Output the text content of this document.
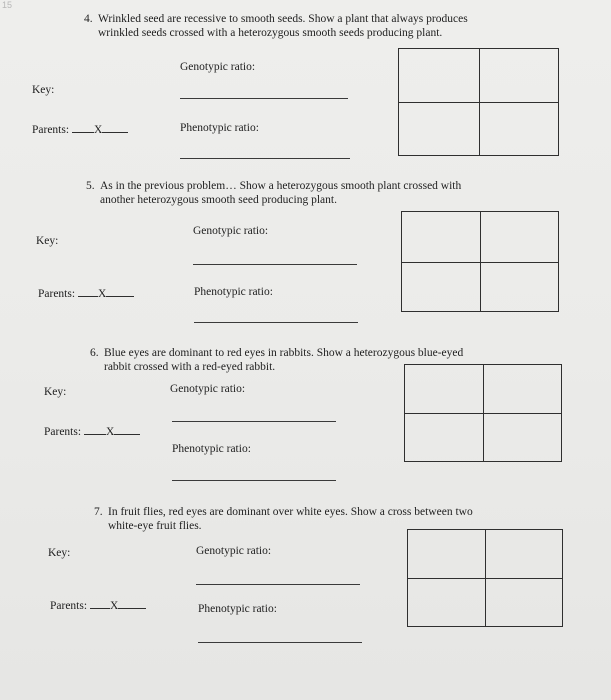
15
4. Wrinkled seed are recessive to smooth seeds. Show a plant that always produces
wrinkled seeds crossed with a heterozygous smooth seeds producing plant.
Genotypic ratio:
Key:
Parents: X	Phenotypic ratio:
5. As in the previous problem… Show a heterozygous smooth plant crossed with
another heterozygous smooth seed producing plant.
Genotypic ratio:
Key:
Parents: X	Phenotypic ratio:
6. Blue eyes are dominant to red eyes in rabbits. Show a heterozygous blue-eyed
rabbit crossed with a red-eyed rabbit.
Genotypic ratio:
Key:
Parents: X
Phenotypic ratio:
7. In fruit flies, red eyes are dominant over white eyes. Show a cross between two
white-eye fruit flies.
Genotypic ratio:
Key:
Parents: X	Phenotypic ratio:
